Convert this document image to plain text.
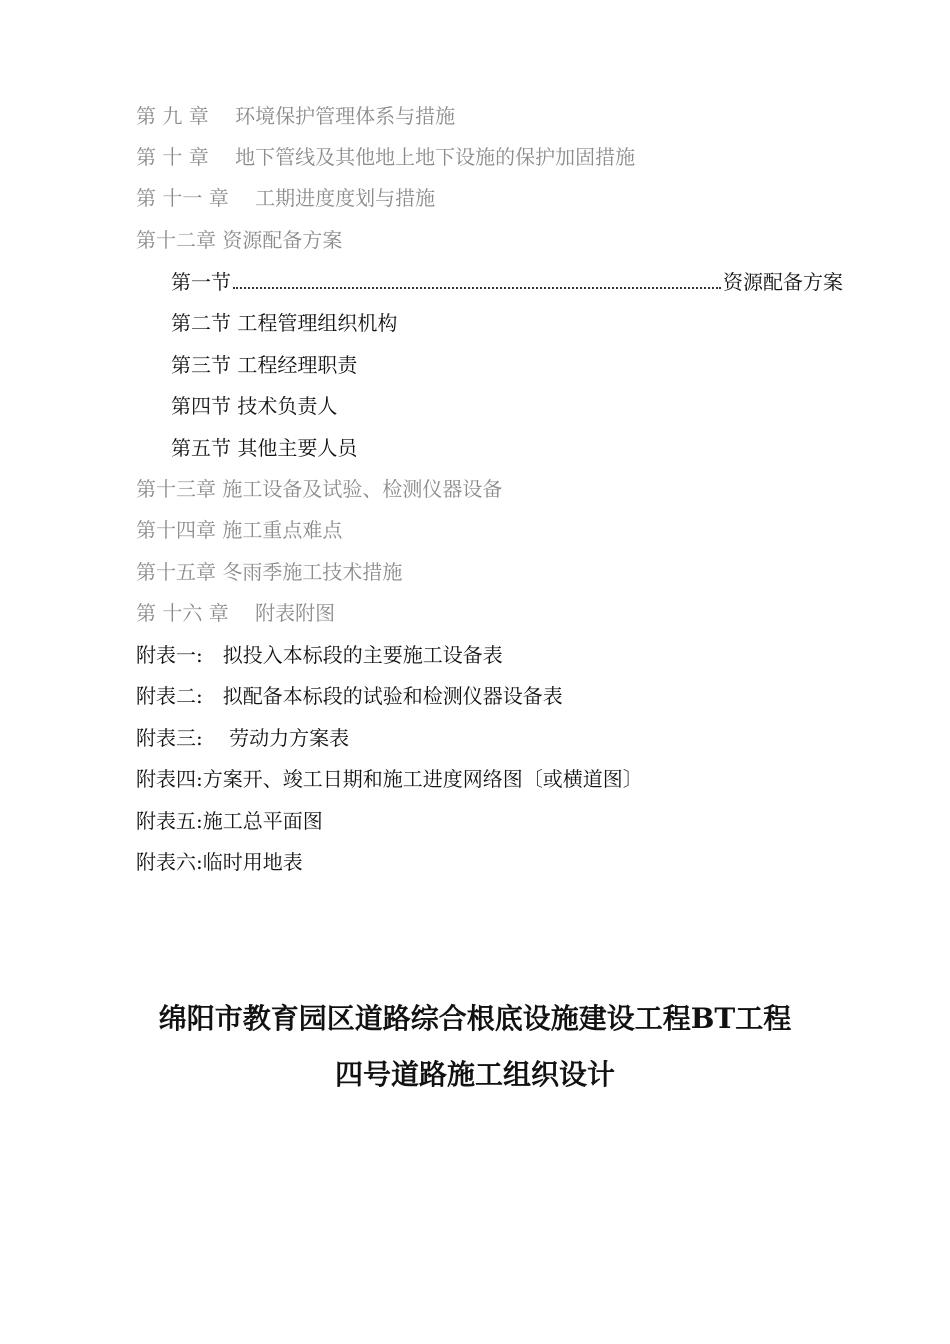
第 九 章　 环境保护管理体系与措施
第 十 章　 地下管线及其他地上地下设施的保护加固措施
第 十一 章　 工期进度度划与措施
第十二章 资源配备方案
第一节	资源配备方案
第二节 工程管理组织机构
第三节 工程经理职责
第四节 技术负责人
第五节 其他主要人员
第十三章 施工设备及试验、检测仪器设备
第十四章 施工重点难点
第十五章 冬雨季施工技术措施
第 十六 章　 附表附图
附表一:　拟投入本标段的主要施工设备表
附表二:　拟配备本标段的试验和检测仪器设备表
附表三:　 劳动力方案表
附表四:方案开、竣工日期和施工进度网络图〔或横道图〕
附表五:施工总平面图
附表六:临时用地表
绵阳市教育园区道路综合根底设施建设工程BT工程
四号道路施工组织设计
